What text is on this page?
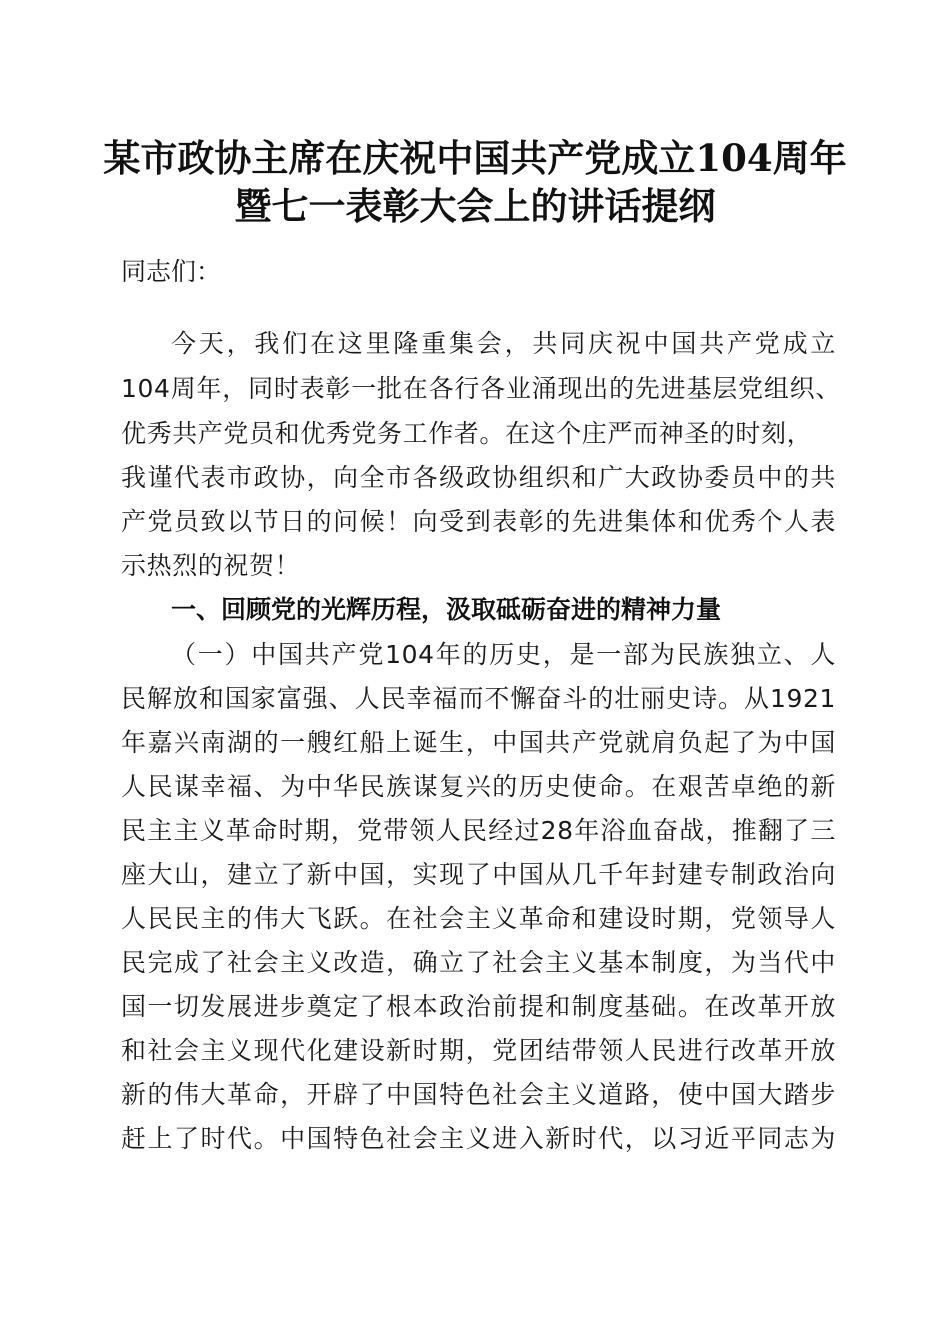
某市政协主席在庆祝中国共产党成立104周年
暨七一表彰大会上的讲话提纲
同志们：
今天，我们在这里隆重集会，共同庆祝中国共产党成立
104周年，同时表彰一批在各行各业涌现出的先进基层党组织、
优秀共产党员和优秀党务工作者。在这个庄严而神圣的时刻，
我谨代表市政协，向全市各级政协组织和广大政协委员中的共
产党员致以节日的问候！向受到表彰的先进集体和优秀个人表
示热烈的祝贺！
一、回顾党的光辉历程，汲取砥砺奋进的精神力量
（一）中国共产党104年的历史，是一部为民族独立、人
民解放和国家富强、人民幸福而不懈奋斗的壮丽史诗。从1921
年嘉兴南湖的一艘红船上诞生，中国共产党就肩负起了为中国
人民谋幸福、为中华民族谋复兴的历史使命。在艰苦卓绝的新
民主主义革命时期，党带领人民经过28年浴血奋战，推翻了三
座大山，建立了新中国，实现了中国从几千年封建专制政治向
人民民主的伟大飞跃。在社会主义革命和建设时期，党领导人
民完成了社会主义改造，确立了社会主义基本制度，为当代中
国一切发展进步奠定了根本政治前提和制度基础。在改革开放
和社会主义现代化建设新时期，党团结带领人民进行改革开放
新的伟大革命，开辟了中国特色社会主义道路，使中国大踏步
赶上了时代。中国特色社会主义进入新时代，以习近平同志为
